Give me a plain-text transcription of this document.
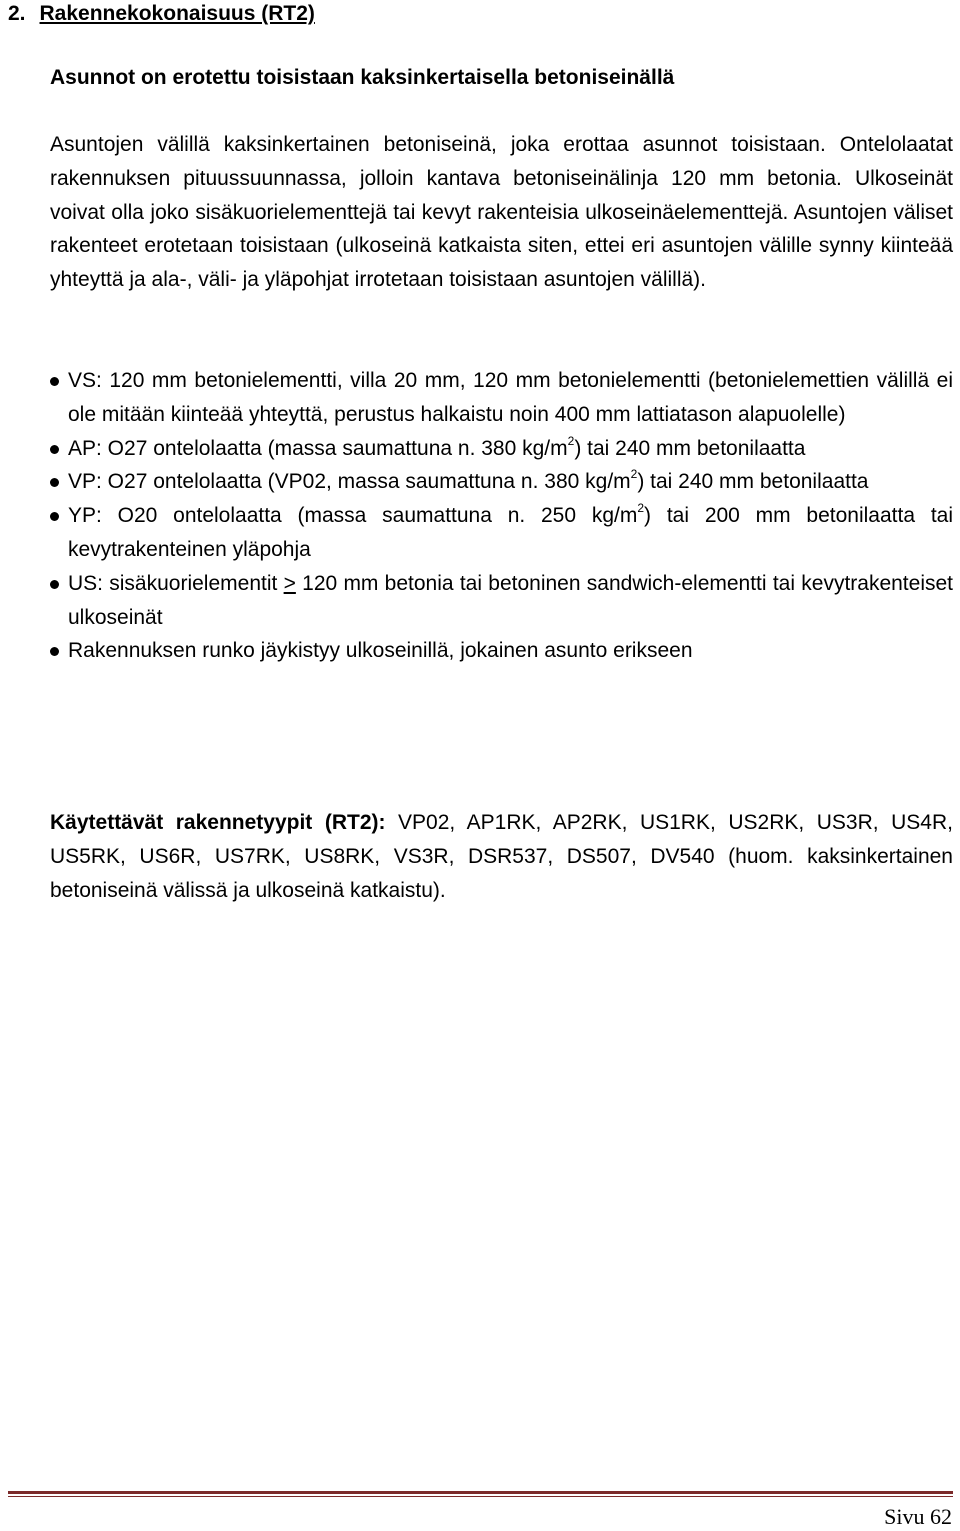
2. Rakennekokonaisuus (RT2)
Asunnot on erotettu toisistaan kaksinkertaisella betoniseinällä

Asuntojen välillä kaksinkertainen betoniseinä, joka erottaa asunnot toisistaan. Ontelolaatat rakennuksen pituussuunnassa, jolloin kantava betoniseinälinja 120 mm betonia. Ulkoseinät voivat olla joko sisäkuorielementtejä tai kevyt rakenteisia ulkoseinäelementtejä. Asuntojen väliset rakenteet erotetaan toisistaan (ulkoseinä katkaista siten, ettei eri asuntojen välille synny kiinteää yhteyttä ja ala-, väli- ja yläpohjat irrotetaan toisistaan asuntojen välillä).

VS: 120 mm betonielementti, villa 20 mm, 120 mm betonielementti (betonielemettien välillä ei ole mitään kiinteää yhteyttä, perustus halkaistu noin 400 mm lattiatason alapuolelle)
AP: O27 ontelolaatta (massa saumattuna n. 380 $kg/m^2$) tai 240 mm betonilaatta
VP: O27 ontelolaatta (VP02, massa saumattuna n. 380 $kg/m^2$) tai 240 mm betonilaatta
YP: O20 ontelolaatta (massa saumattuna n. 250 $kg/m^2$) tai 200 mm betonilaatta tai kevytrakenteinen yläpohja
US: sisäkuorielementit ≥ 120 mm betonia tai betoninen sandwich-elementti tai kevytrakenteiset ulkoseinät
Rakennuksen runko jäykistyy ulkoseinillä, jokainen asunto erikseen

Käytettävät rakennetyypit (RT2): VP02, AP1RK, AP2RK, US1RK, US2RK, US3R, US4R, US5RK, US6R, US7RK, US8RK, VS3R, DSR537, DS507, DV540 (huom. kaksinkertainen betoniseinä välissä ja ulkoseinä katkaistu).

Sivu 62
